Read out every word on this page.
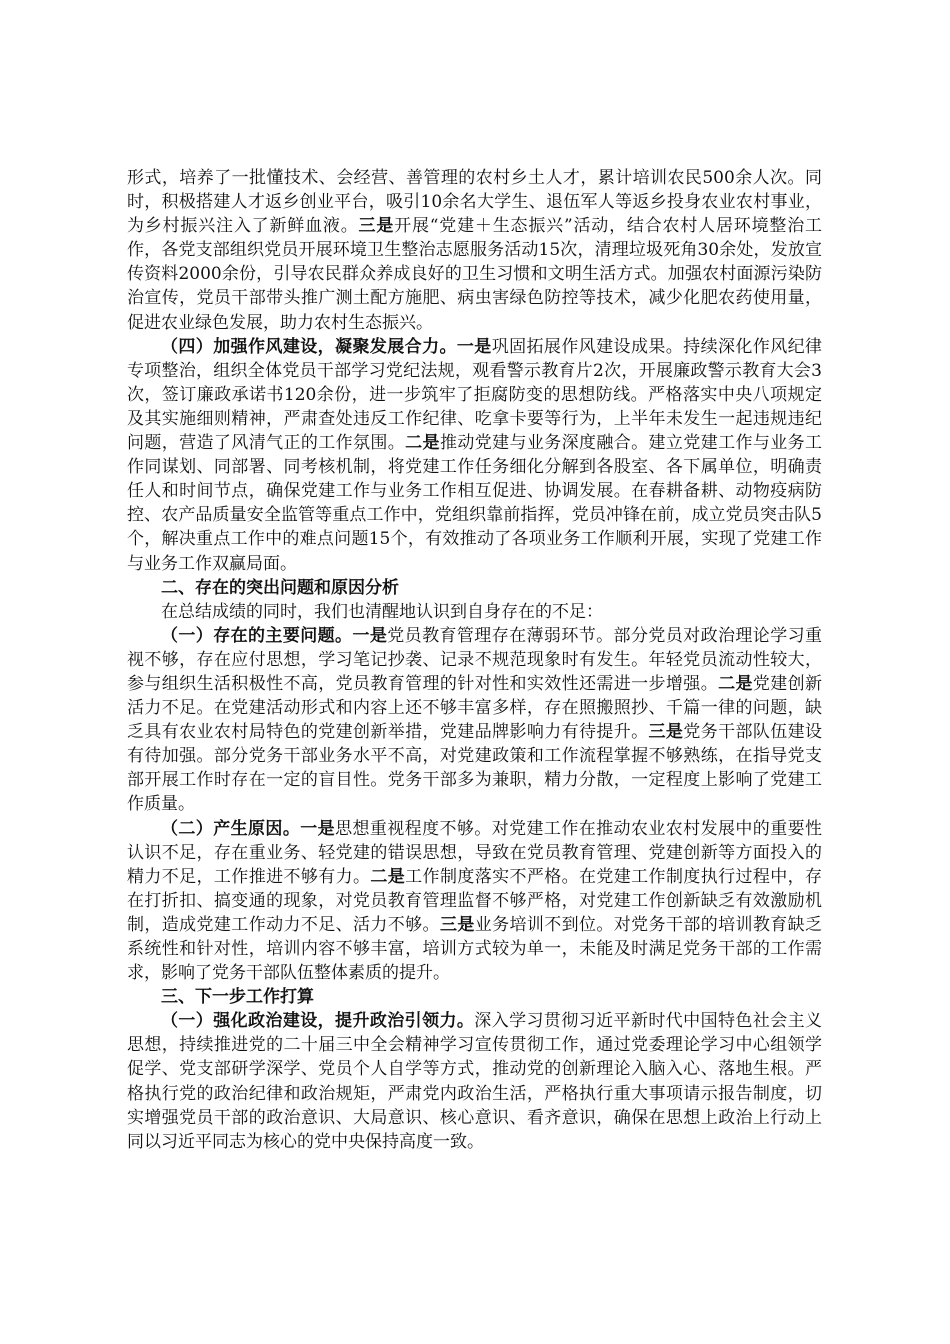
形式，培养了一批懂技术、会经营、善管理的农村乡土人才，累计培训农民500余人次。同时，积极搭建人才返乡创业平台，吸引10余名大学生、退伍军人等返乡投身农业农村事业，为乡村振兴注入了新鲜血液。三是开展“党建＋生态振兴”活动，结合农村人居环境整治工作，各党支部组织党员开展环境卫生整治志愿服务活动15次，清理垃圾死角30余处，发放宣传资料2000余份，引导农民群众养成良好的卫生习惯和文明生活方式。加强农村面源污染防治宣传，党员干部带头推广测土配方施肥、病虫害绿色防控等技术，减少化肥农药使用量，促进农业绿色发展，助力农村生态振兴。

（四）加强作风建设，凝聚发展合力。一是巩固拓展作风建设成果。持续深化作风纪律专项整治，组织全体党员干部学习党纪法规，观看警示教育片2次，开展廉政警示教育大会3次，签订廉政承诺书120余份，进一步筑牢了拒腐防变的思想防线。严格落实中央八项规定及其实施细则精神，严肃查处违反工作纪律、吃拿卡要等行为，上半年未发生一起违规违纪问题，营造了风清气正的工作氛围。二是推动党建与业务深度融合。建立党建工作与业务工作同谋划、同部署、同考核机制，将党建工作任务细化分解到各股室、各下属单位，明确责任人和时间节点，确保党建工作与业务工作相互促进、协调发展。在春耕备耕、动物疫病防控、农产品质量安全监管等重点工作中，党组织靠前指挥，党员冲锋在前，成立党员突击队5个，解决重点工作中的难点问题15个，有效推动了各项业务工作顺利开展，实现了党建工作与业务工作双赢局面。

二、存在的突出问题和原因分析

在总结成绩的同时，我们也清醒地认识到自身存在的不足：

（一）存在的主要问题。一是党员教育管理存在薄弱环节。部分党员对政治理论学习重视不够，存在应付思想，学习笔记抄袭、记录不规范现象时有发生。年轻党员流动性较大，参与组织生活积极性不高，党员教育管理的针对性和实效性还需进一步增强。二是党建创新活力不足。在党建活动形式和内容上还不够丰富多样，存在照搬照抄、千篇一律的问题，缺乏具有农业农村局特色的党建创新举措，党建品牌影响力有待提升。三是党务干部队伍建设有待加强。部分党务干部业务水平不高，对党建政策和工作流程掌握不够熟练，在指导党支部开展工作时存在一定的盲目性。党务干部多为兼职，精力分散，一定程度上影响了党建工作质量。

（二）产生原因。一是思想重视程度不够。对党建工作在推动农业农村发展中的重要性认识不足，存在重业务、轻党建的错误思想，导致在党员教育管理、党建创新等方面投入的精力不足，工作推进不够有力。二是工作制度落实不严格。在党建工作制度执行过程中，存在打折扣、搞变通的现象，对党员教育管理监督不够严格，对党建工作创新缺乏有效激励机制，造成党建工作动力不足、活力不够。三是业务培训不到位。对党务干部的培训教育缺乏系统性和针对性，培训内容不够丰富，培训方式较为单一，未能及时满足党务干部的工作需求，影响了党务干部队伍整体素质的提升。

三、下一步工作打算

（一）强化政治建设，提升政治引领力。深入学习贯彻习近平新时代中国特色社会主义思想，持续推进党的二十届三中全会精神学习宣传贯彻工作，通过党委理论学习中心组领学促学、党支部研学深学、党员个人自学等方式，推动党的创新理论入脑入心、落地生根。严格执行党的政治纪律和政治规矩，严肃党内政治生活，严格执行重大事项请示报告制度，切实增强党员干部的政治意识、大局意识、核心意识、看齐意识，确保在思想上政治上行动上同以习近平同志为核心的党中央保持高度一致。
